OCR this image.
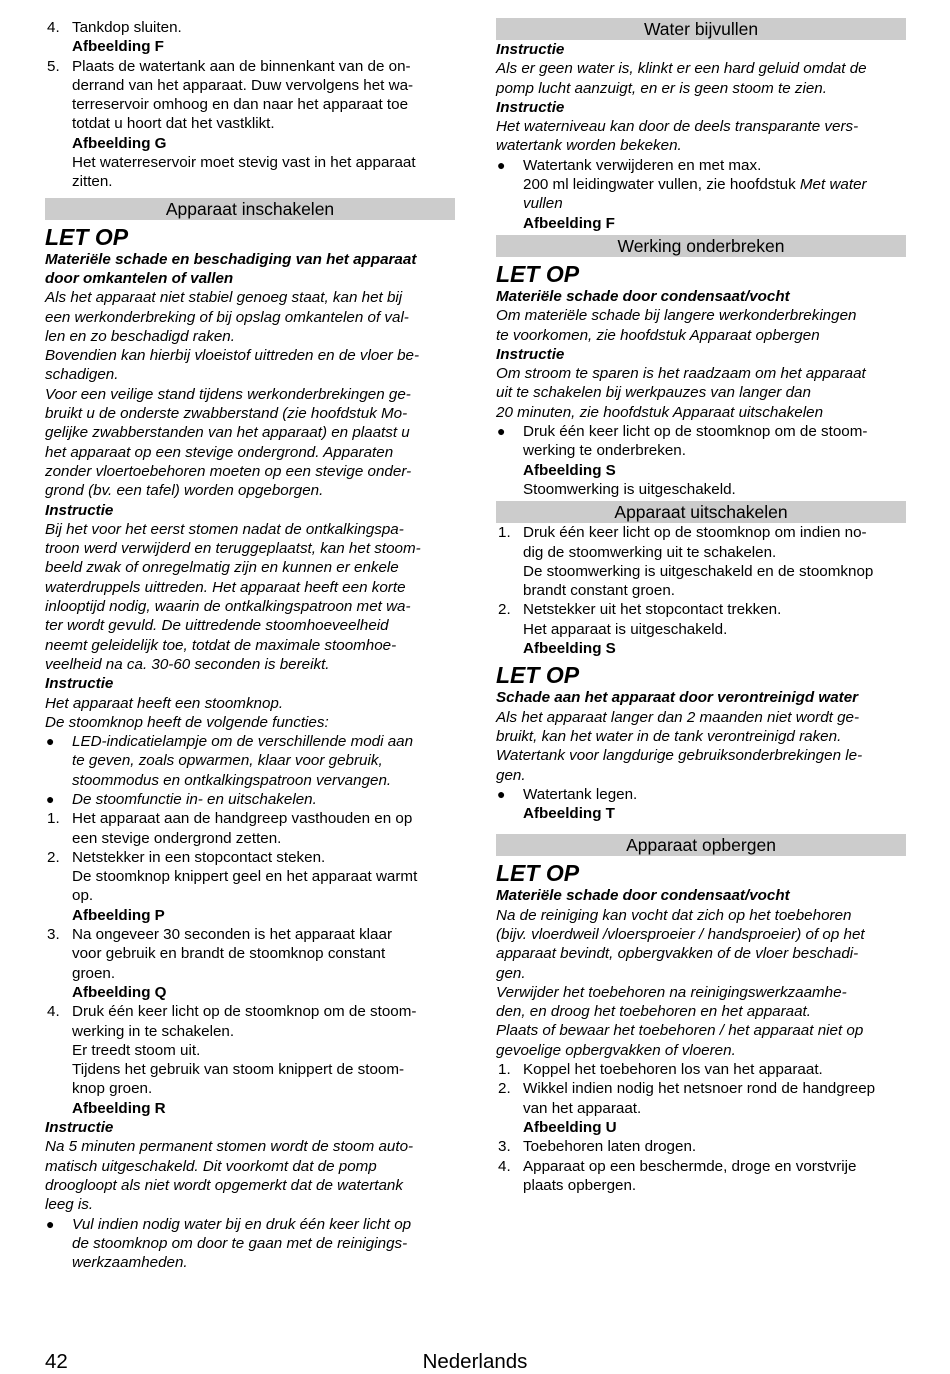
4. Tankdop sluiten.
Afbeelding F
5. Plaats de watertank aan de binnenkant van de on-
derrand van het apparaat. Duw vervolgens het wa-
terreservoir omhoog en dan naar het apparaat toe
totdat u hoort dat het vastklikt.
Afbeelding G
Het waterreservoir moet stevig vast in het apparaat
zitten.
Apparaat inschakelen
LET OP
Materiële schade en beschadiging van het apparaat
door omkantelen of vallen
Als het apparaat niet stabiel genoeg staat, kan het bij
een werkonderbreking of bij opslag omkantelen of val-
len en zo beschadigd raken.
Bovendien kan hierbij vloeistof uittreden en de vloer be-
schadigen.
Voor een veilige stand tijdens werkonderbrekingen ge-
bruikt u de onderste zwabberstand (zie hoofdstuk Mo-
gelijke zwabberstanden van het apparaat) en plaatst u
het apparaat op een stevige ondergrond. Apparaten
zonder vloertoebehoren moeten op een stevige onder-
grond (bv. een tafel) worden opgeborgen.
Instructie
Bij het voor het eerst stomen nadat de ontkalkingspa-
troon werd verwijderd en teruggeplaatst, kan het stoom-
beeld zwak of onregelmatig zijn en kunnen er enkele
waterdruppels uittreden. Het apparaat heeft een korte
inlooptijd nodig, waarin de ontkalkingspatroon met wa-
ter wordt gevuld. De uittredende stoomhoeveelheid
neemt geleidelijk toe, totdat de maximale stoomhoe-
veelheid na ca. 30-60 seconden is bereikt.
Instructie
Het apparaat heeft een stoomknop.
De stoomknop heeft de volgende functies:
● LED-indicatielampje om de verschillende modi aan
te geven, zoals opwarmen, klaar voor gebruik,
stoommodus en ontkalkingspatroon vervangen.
● De stoomfunctie in- en uitschakelen.
1. Het apparaat aan de handgreep vasthouden en op
een stevige ondergrond zetten.
2. Netstekker in een stopcontact steken.
De stoomknop knippert geel en het apparaat warmt
op.
Afbeelding P
3. Na ongeveer 30 seconden is het apparaat klaar
voor gebruik en brandt de stoomknop constant
groen.
Afbeelding Q
4. Druk één keer licht op de stoomknop om de stoom-
werking in te schakelen.
Er treedt stoom uit.
Tijdens het gebruik van stoom knippert de stoom-
knop groen.
Afbeelding R
Instructie
Na 5 minuten permanent stomen wordt de stoom auto-
matisch uitgeschakeld. Dit voorkomt dat de pomp
droogloopt als niet wordt opgemerkt dat de watertank
leeg is.
● Vul indien nodig water bij en druk één keer licht op
de stoomknop om door te gaan met de reinigings-
werkzaamheden.
Water bijvullen
Instructie
Als er geen water is, klinkt er een hard geluid omdat de
pomp lucht aanzuigt, en er is geen stoom te zien.
Instructie
Het waterniveau kan door de deels transparante vers-
watertank worden bekeken.
● Watertank verwijderen en met max.
200 ml leidingwater vullen, zie hoofdstuk Met water
vullen
Afbeelding F
Werking onderbreken
LET OP
Materiële schade door condensaat/vocht
Om materiële schade bij langere werkonderbrekingen
te voorkomen, zie hoofdstuk Apparaat opbergen
Instructie
Om stroom te sparen is het raadzaam om het apparaat
uit te schakelen bij werkpauzes van langer dan
20 minuten, zie hoofdstuk Apparaat uitschakelen
● Druk één keer licht op de stoomknop om de stoom-
werking te onderbreken.
Afbeelding S
Stoomwerking is uitgeschakeld.
Apparaat uitschakelen
1. Druk één keer licht op de stoomknop om indien no-
dig de stoomwerking uit te schakelen.
De stoomwerking is uitgeschakeld en de stoomknop
brandt constant groen.
2. Netstekker uit het stopcontact trekken.
Het apparaat is uitgeschakeld.
Afbeelding S
LET OP
Schade aan het apparaat door verontreinigd water
Als het apparaat langer dan 2 maanden niet wordt ge-
bruikt, kan het water in de tank verontreinigd raken.
Watertank voor langdurige gebruiksonderbrekingen le-
gen.
● Watertank legen.
Afbeelding T
Apparaat opbergen
LET OP
Materiële schade door condensaat/vocht
Na de reiniging kan vocht dat zich op het toebehoren
(bijv. vloerdweil /vloersproeier / handsproeier) of op het
apparaat bevindt, opbergvakken of de vloer beschadi-
gen.
Verwijder het toebehoren na reinigingswerkzaamhe-
den, en droog het toebehoren en het apparaat.
Plaats of bewaar het toebehoren / het apparaat niet op
gevoelige opbergvakken of vloeren.
1. Koppel het toebehoren los van het apparaat.
2. Wikkel indien nodig het netsnoer rond de handgreep
van het apparaat.
Afbeelding U
3. Toebehoren laten drogen.
4. Apparaat op een beschermde, droge en vorstvrije
plaats opbergen.
42	Nederlands
